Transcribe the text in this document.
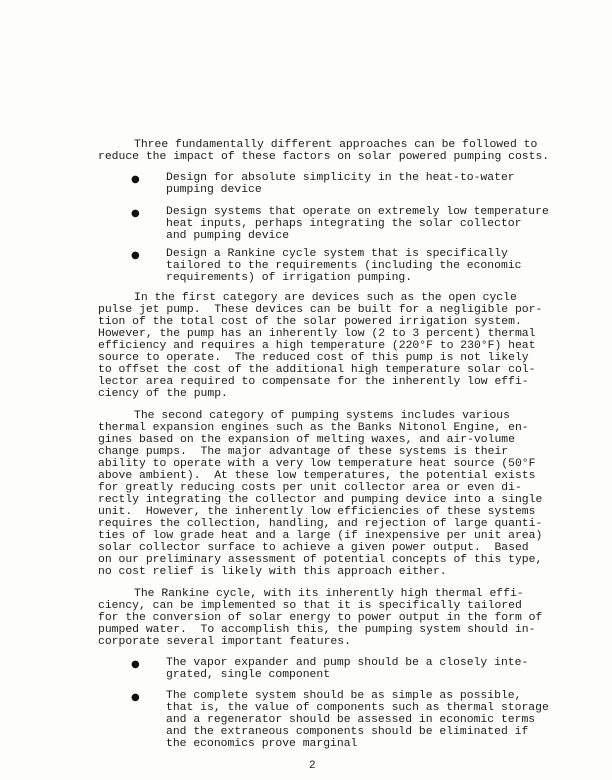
Three fundamentally different approaches can be followed to
reduce the impact of these factors on solar powered pumping costs.
● Design for absolute simplicity in the heat-to-water
pumping device
● Design systems that operate on extremely low temperature
heat inputs, perhaps integrating the solar collector
and pumping device
● Design a Rankine cycle system that is specifically
tailored to the requirements (including the economic
requirements) of irrigation pumping.
In the first category are devices such as the open cycle
pulse jet pump.  These devices can be built for a negligible por-
tion of the total cost of the solar powered irrigation system.
However, the pump has an inherently low (2 to 3 percent) thermal
efficiency and requires a high temperature (220°F to 230°F) heat
source to operate.  The reduced cost of this pump is not likely
to offset the cost of the additional high temperature solar col-
lector area required to compensate for the inherently low effi-
ciency of the pump.
The second category of pumping systems includes various
thermal expansion engines such as the Banks Nitonol Engine, en-
gines based on the expansion of melting waxes, and air-volume
change pumps.  The major advantage of these systems is their
ability to operate with a very low temperature heat source (50°F
above ambient).  At these low temperatures, the potential exists
for greatly reducing costs per unit collector area or even di-
rectly integrating the collector and pumping device into a single
unit.  However, the inherently low efficiencies of these systems
requires the collection, handling, and rejection of large quanti-
ties of low grade heat and a large (if inexpensive per unit area)
solar collector surface to achieve a given power output.  Based
on our preliminary assessment of potential concepts of this type,
no cost relief is likely with this approach either.
The Rankine cycle, with its inherently high thermal effi-
ciency, can be implemented so that it is specifically tailored
for the conversion of solar energy to power output in the form of
pumped water.  To accomplish this, the pumping system should in-
corporate several important features.
● The vapor expander and pump should be a closely inte-
grated, single component
● The complete system should be as simple as possible,
that is, the value of components such as thermal storage
and a regenerator should be assessed in economic terms
and the extraneous components should be eliminated if
the economics prove marginal
2
